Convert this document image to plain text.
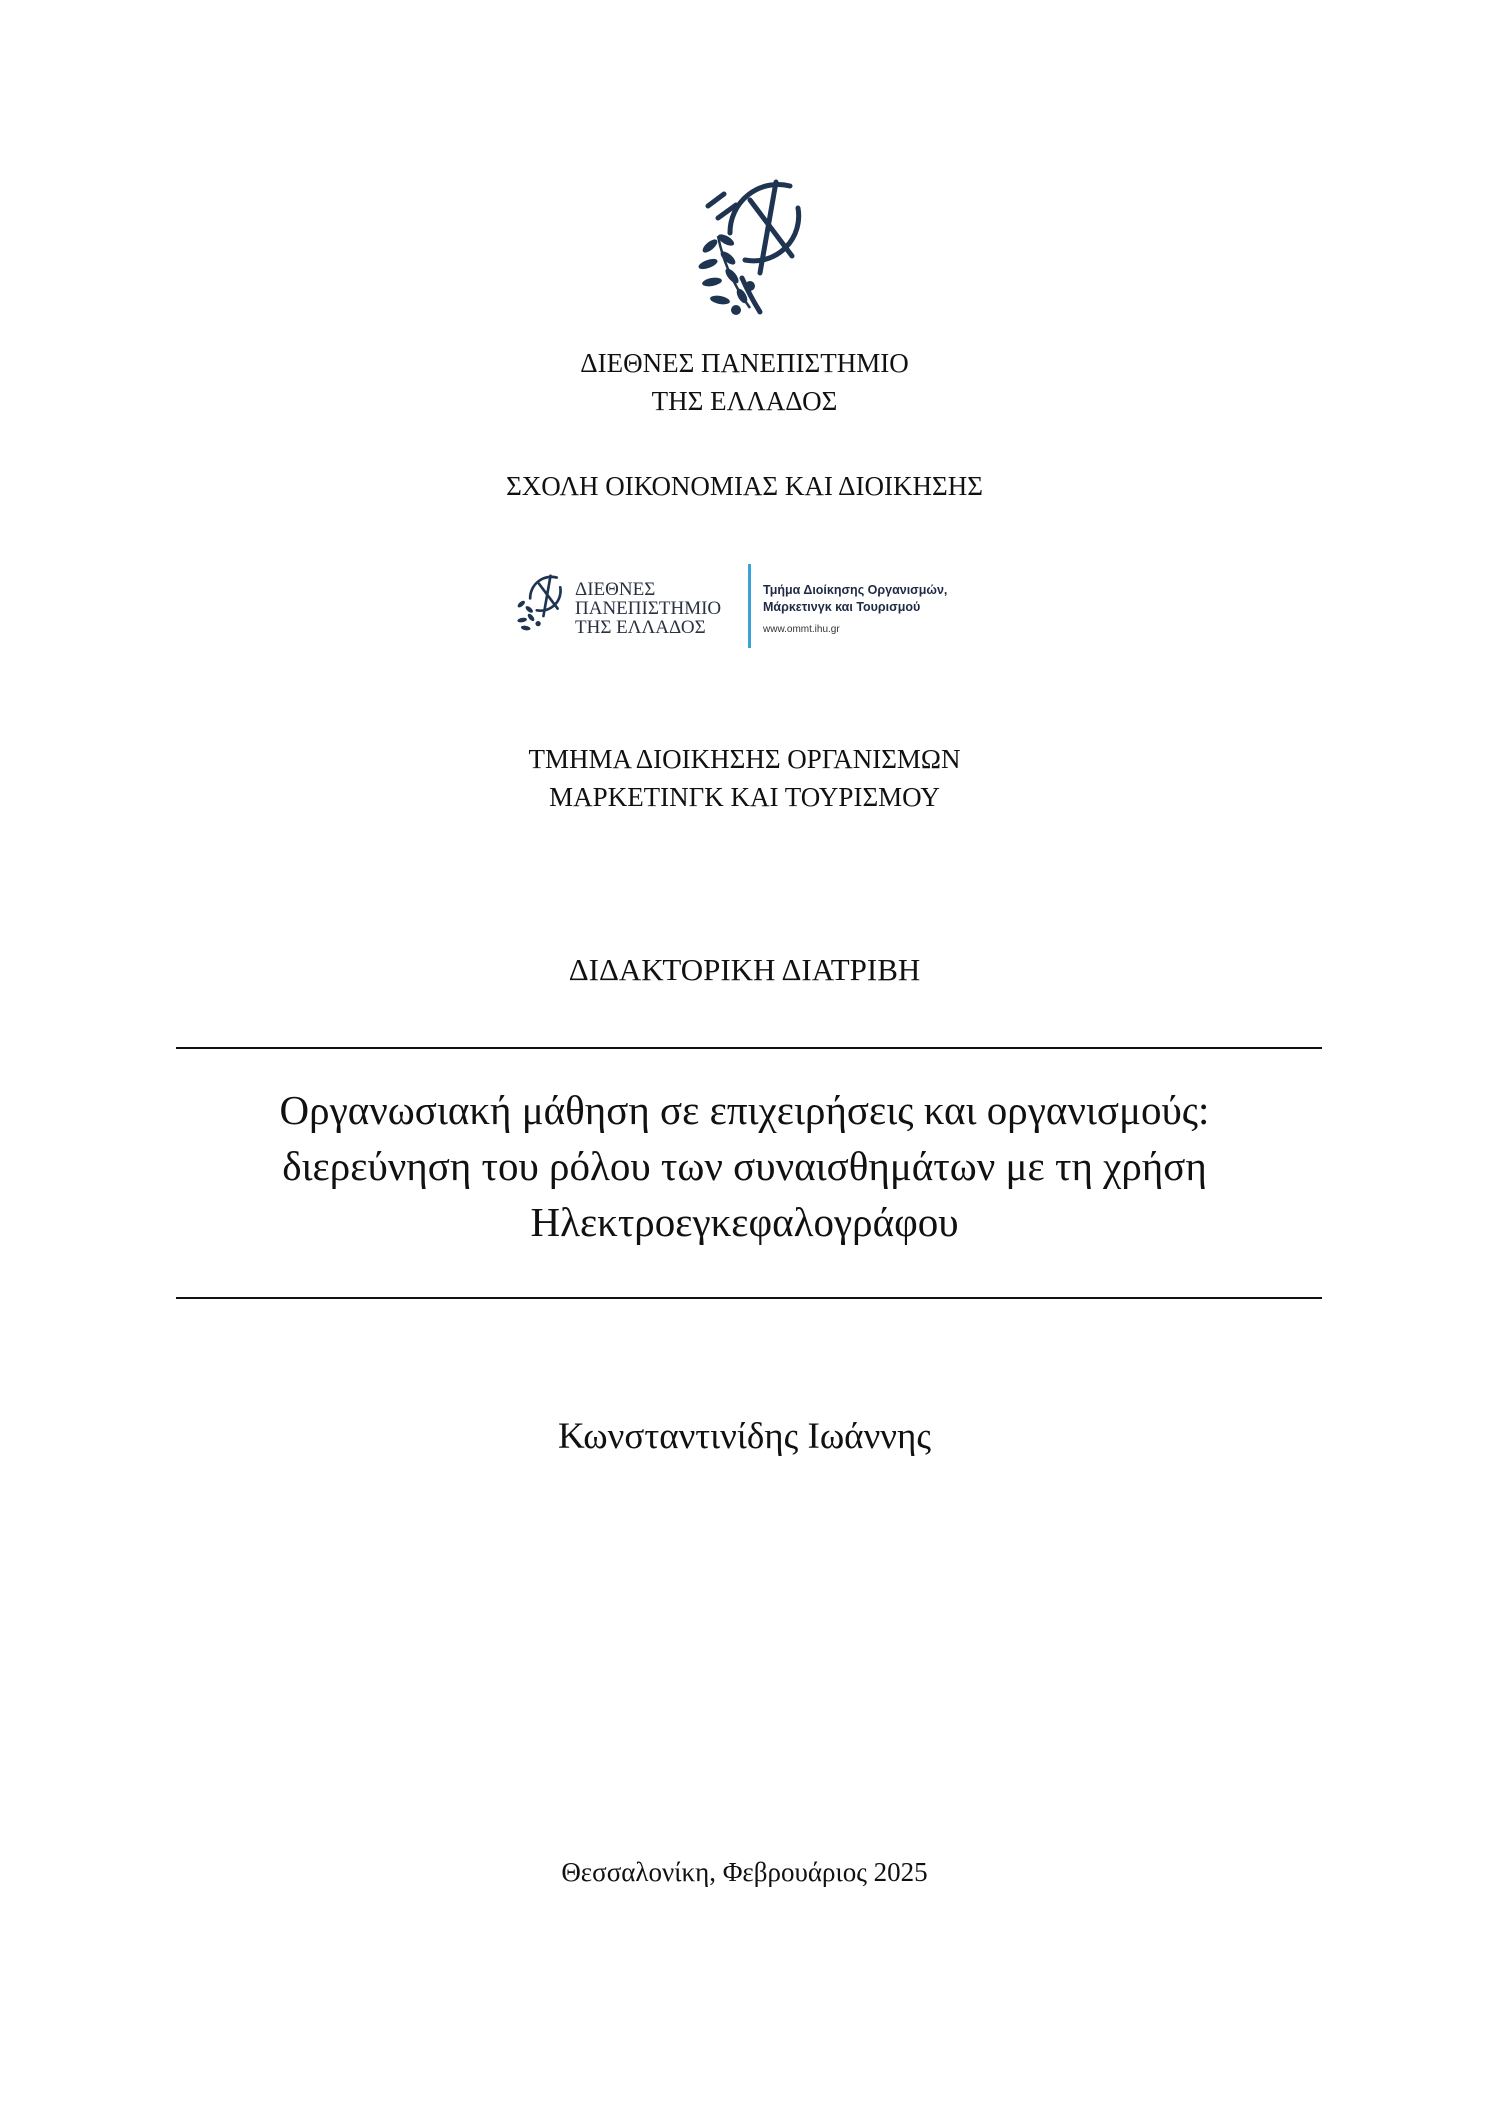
ΔΙΕΘΝΕΣ ΠΑΝΕΠΙΣΤΗΜΙΟ
ΤΗΣ ΕΛΛΑΔΟΣ
ΣΧΟΛΗ ΟΙΚΟΝΟΜΙΑΣ ΚΑΙ ΔΙΟΙΚΗΣΗΣ
ΔΙΕΘΝΕΣ
ΠΑΝΕΠΙΣΤΗΜΙΟ
ΤΗΣ ΕΛΛΑΔΟΣ
Τμήμα Διοίκησης Οργανισμών,
Μάρκετινγκ και Τουρισμού
www.ommt.ihu.gr
ΤΜΗΜΑ ΔΙΟΙΚΗΣΗΣ ΟΡΓΑΝΙΣΜΩΝ
ΜΑΡΚΕΤΙΝΓΚ ΚΑΙ ΤΟΥΡΙΣΜΟΥ
ΔΙΔΑΚΤΟΡΙΚΗ ΔΙΑΤΡΙΒΗ
Οργανωσιακή μάθηση σε επιχειρήσεις και οργανισμούς:
διερεύνηση του ρόλου των συναισθημάτων με τη χρήση
Ηλεκτροεγκεφαλογράφου
Κωνσταντινίδης Ιωάννης
Θεσσαλονίκη, Φεβρουάριος 2025
